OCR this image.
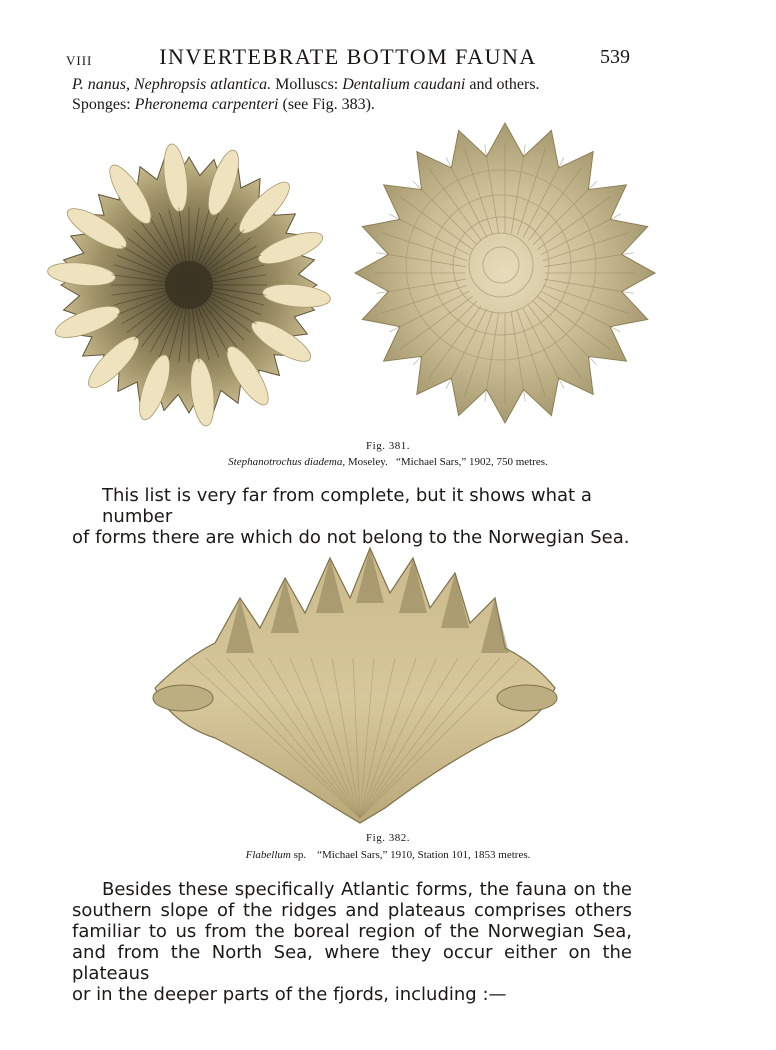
VIII	INVERTEBRATE BOTTOM FAUNA	539
P. nanus, Nephropsis atlantica. Molluscs: Dentalium caudani and others.
Sponges: Pheronema carpenteri (see Fig. 383).
Fig. 381.
Stephanotrochus diadema, Moseley. “Michael Sars,” 1902, 750 metres.
This list is very far from complete, but it shows what a number
of forms there are which do not belong to the Norwegian Sea.
Fig. 382.
Flabellum sp. “Michael Sars,” 1910, Station 101, 1853 metres.
Besides these specifically Atlantic forms, the fauna on the
southern slope of the ridges and plateaus comprises others
familiar to us from the boreal region of the Norwegian Sea,
and from the North Sea, where they occur either on the plateaus
or in the deeper parts of the fjords, including :—
